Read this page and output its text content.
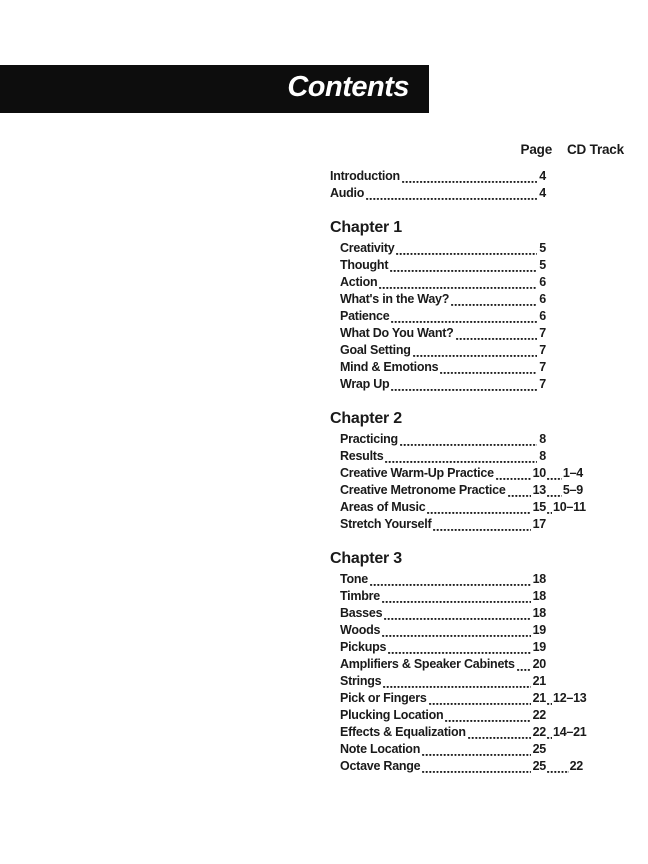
Contents
Page CD Track
Introduction	4
Audio	4
Chapter 1
Creativity	5
Thought	5
Action	6
What's in the Way?	6
Patience	6
What Do You Want?	7
Goal Setting	7
Mind & Emotions	7
Wrap Up	7
Chapter 2
Practicing	8
Results	8
Creative Warm-Up Practice	10 1–4
Creative Metronome Practice 13 5–9
Areas of Music	15 10–11
Stretch Yourself	17
Chapter 3
Tone	18
Timbre	18
Basses	18
Woods	19
Pickups	19
Amplifiers & Speaker Cabinets 20
Strings	21
Pick or Fingers	21 12–13
Plucking Location	22
Effects & Equalization	22 14–21
Note Location	25
Octave Range	25 22
